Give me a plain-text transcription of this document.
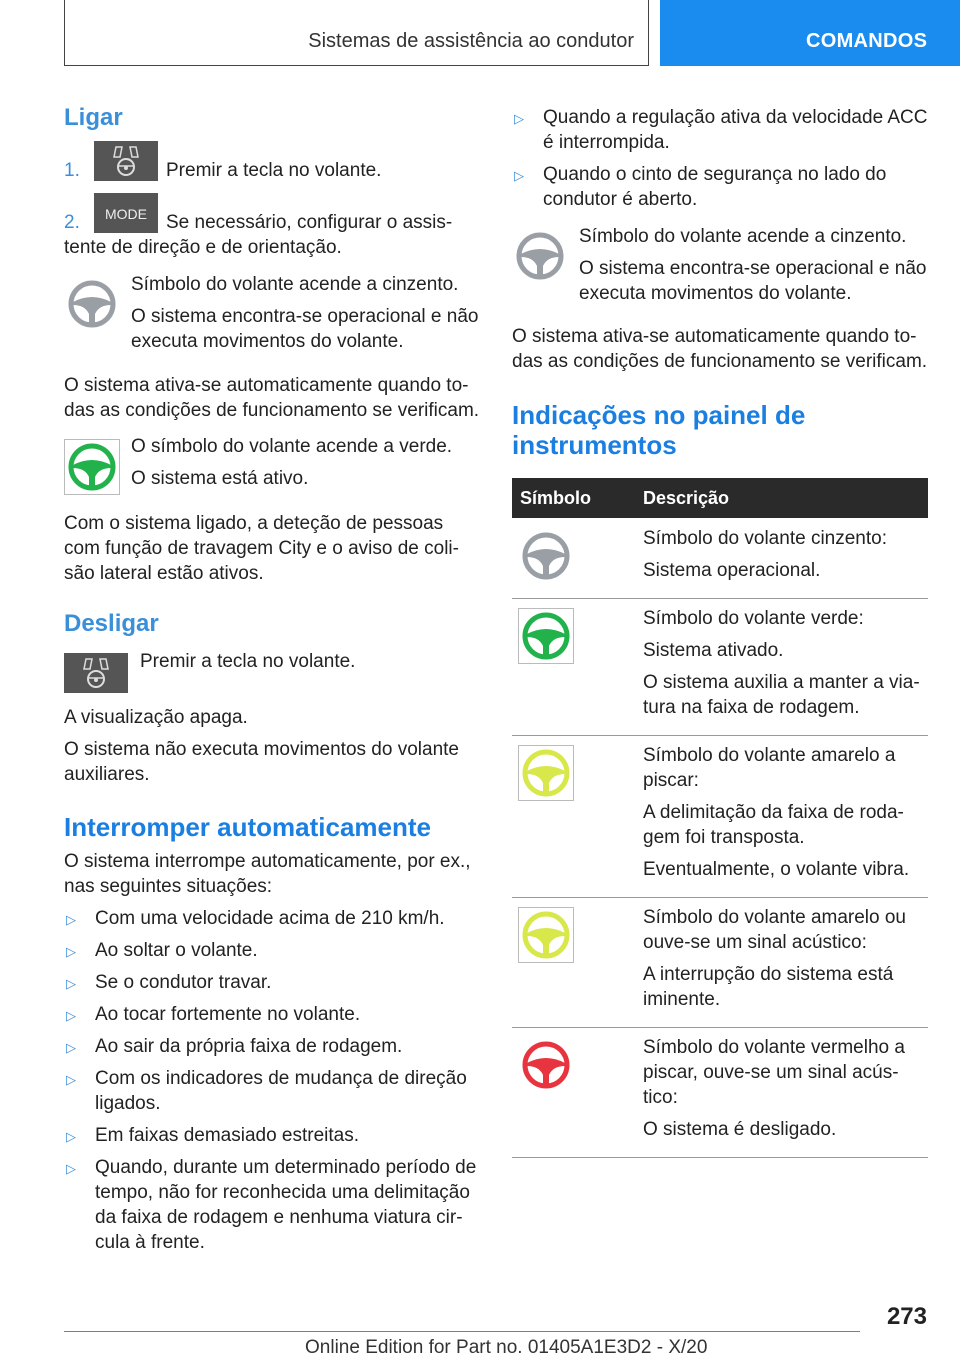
Sistemas de assistência ao condutor	COMANDOS
Ligar
1.	Premir a tecla no volante.
2. MODE Se necessário, configurar o assis-
tente de direção e de orientação.
Símbolo do volante acende a cinzento.
O sistema encontra-se operacional e não
executa movimentos do volante.
O sistema ativa-se automaticamente quando to-
das as condições de funcionamento se verificam.
O símbolo do volante acende a verde.
O sistema está ativo.
Com o sistema ligado, a deteção de pessoas
com função de travagem City e o aviso de coli-
são lateral estão ativos.
Desligar
Premir a tecla no volante.
A visualização apaga.
O sistema não executa movimentos do volante
auxiliares.
Interromper automaticamente
O sistema interrompe automaticamente, por ex.,
nas seguintes situações:
▷ Com uma velocidade acima de 210 km/h.
▷ Ao soltar o volante.
▷ Se o condutor travar.
▷ Ao tocar fortemente no volante.
▷ Ao sair da própria faixa de rodagem.
▷ Com os indicadores de mudança de direção
ligados.
▷ Em faixas demasiado estreitas.
▷ Quando, durante um determinado período de
tempo, não for reconhecida uma delimitação
da faixa de rodagem e nenhuma viatura cir-
cula à frente.
▷ Quando a regulação ativa da velocidade ACC
é interrompida.
▷ Quando o cinto de segurança no lado do
condutor é aberto.
Símbolo do volante acende a cinzento.
O sistema encontra-se operacional e não
executa movimentos do volante.
O sistema ativa-se automaticamente quando to-
das as condições de funcionamento se verificam.
Indicações no painel de
instrumentos
Símbolo	Descrição
Símbolo do volante cinzento:
Sistema operacional.
Símbolo do volante verde:
Sistema ativado.
O sistema auxilia a manter a via-
tura na faixa de rodagem.
Símbolo do volante amarelo a
piscar:
A delimitação da faixa de roda-
gem foi transposta.
Eventualmente, o volante vibra.
Símbolo do volante amarelo ou
ouve-se um sinal acústico:
A interrupção do sistema está
iminente.
Símbolo do volante vermelho a
piscar, ouve-se um sinal acús-
tico:
O sistema é desligado.
273
Online Edition for Part no. 01405A1E3D2 - X/20
